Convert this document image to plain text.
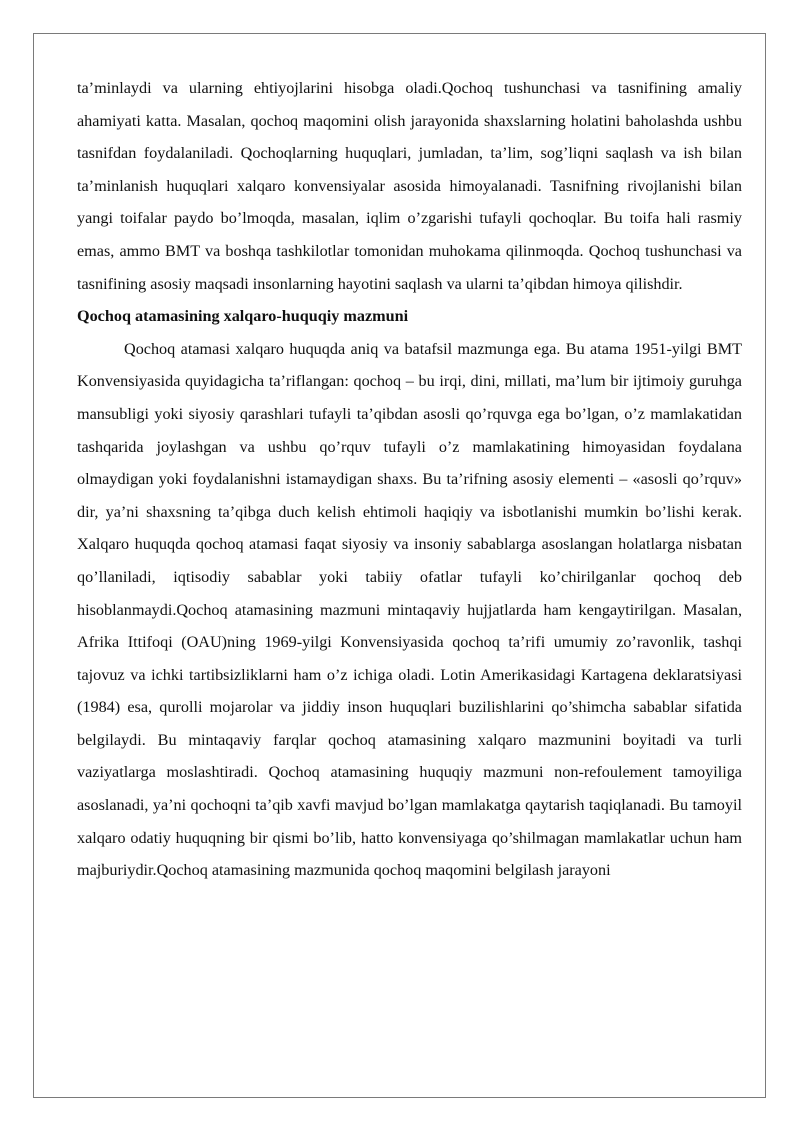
ta’minlaydi va ularning ehtiyojlarini hisobga oladi.Qochoq tushunchasi va tasnifining amaliy ahamiyati katta. Masalan, qochoq maqomini olish jarayonida shaxslarning holatini baholashda ushbu tasnifdan foydalaniladi. Qochoqlarning huquqlari, jumladan, ta’lim, sog’liqni saqlash va ish bilan ta’minlanish huquqlari xalqaro konvensiyalar asosida himoyalanadi. Tasnifning rivojlanishi bilan yangi toifalar paydo bo’lmoqda, masalan, iqlim o’zgarishi tufayli qochoqlar. Bu toifa hali rasmiy emas, ammo BMT va boshqa tashkilotlar tomonidan muhokama qilinmoqda. Qochoq tushunchasi va tasnifining asosiy maqsadi insonlarning hayotini saqlash va ularni ta’qibdan himoya qilishdir.

Qochoq atamasining xalqaro-huquqiy mazmuni

Qochoq atamasi xalqaro huquqda aniq va batafsil mazmunga ega. Bu atama 1951-yilgi BMT Konvensiyasida quyidagicha ta’riflangan: qochoq – bu irqi, dini, millati, ma’lum bir ijtimoiy guruhga mansubligi yoki siyosiy qarashlari tufayli ta’qibdan asosli qo’rquvga ega bo’lgan, o’z mamlakatidan tashqarida joylashgan va ushbu qo’rquv tufayli o’z mamlakatining himoyasidan foydalana olmaydigan yoki foydalanishni istamaydigan shaxs. Bu ta’rifning asosiy elementi – «asosli qo’rquv» dir, ya’ni shaxsning ta’qibga duch kelish ehtimoli haqiqiy va isbotlanishi mumkin bo’lishi kerak. Xalqaro huquqda qochoq atamasi faqat siyosiy va insoniy sabablarga asoslangan holatlarga nisbatan qo’llaniladi, iqtisodiy sabablar yoki tabiiy ofatlar tufayli ko’chirilganlar qochoq deb hisoblanmaydi.Qochoq atamasining mazmuni mintaqaviy hujjatlarda ham kengaytirilgan. Masalan, Afrika Ittifoqi (OAU)ning 1969-yilgi Konvensiyasida qochoq ta’rifi umumiy zo’ravonlik, tashqi tajovuz va ichki tartibsizliklarni ham o’z ichiga oladi. Lotin Amerikasidagi Kartagena deklaratsiyasi (1984) esa, qurolli mojarolar va jiddiy inson huquqlari buzilishlarini qo’shimcha sabablar sifatida belgilaydi. Bu mintaqaviy farqlar qochoq atamasining xalqaro mazmunini boyitadi va turli vaziyatlarga moslashtiradi. Qochoq atamasining huquqiy mazmuni non-refoulement tamoyiliga asoslanadi, ya’ni qochoqni ta’qib xavfi mavjud bo’lgan mamlakatga qaytarish taqiqlanadi. Bu tamoyil xalqaro odatiy huquqning bir qismi bo’lib, hatto konvensiyaga qo’shilmagan mamlakatlar uchun ham majburiydir.Qochoq atamasining mazmunida qochoq maqomini belgilash jarayoni
